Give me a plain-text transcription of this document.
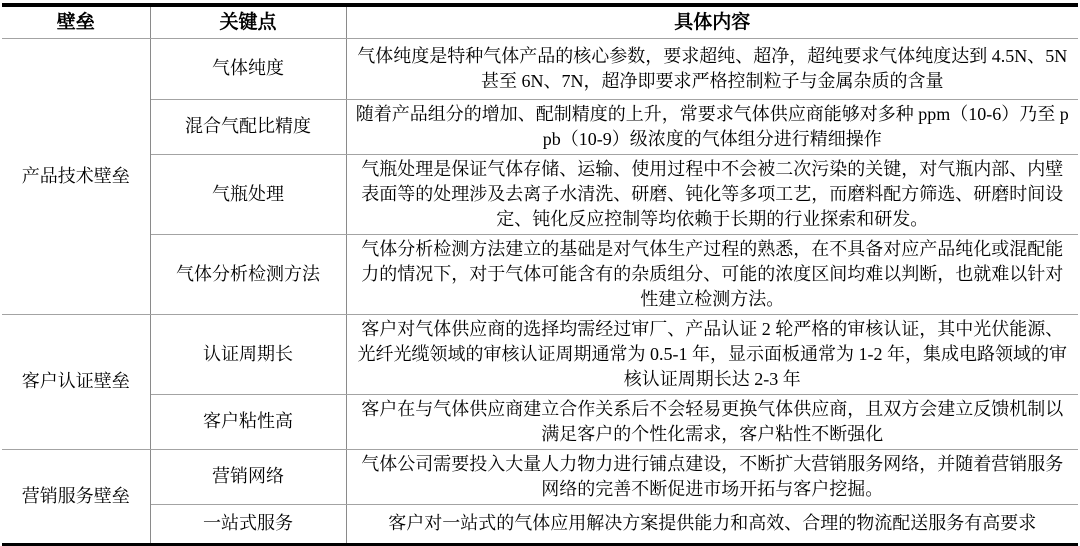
壁垒	关键点	具体内容
产品技术壁垒	气体纯度	气体纯度是特种气体产品的核心参数，要求超纯、超净，超纯要求气体纯度达到 4.5N、5N 甚至 6N、7N，超净即要求严格控制粒子与金属杂质的含量
	混合气配比精度	随着产品组分的增加、配制精度的上升，常要求气体供应商能够对多种 ppm（10-6）乃至 ppb（10-9）级浓度的气体组分进行精细操作
	气瓶处理	气瓶处理是保证气体存储、运输、使用过程中不会被二次污染的关键，对气瓶内部、内壁表面等的处理涉及去离子水清洗、研磨、钝化等多项工艺，而磨料配方筛选、研磨时间设定、钝化反应控制等均依赖于长期的行业探索和研发。
	气体分析检测方法	气体分析检测方法建立的基础是对气体生产过程的熟悉，在不具备对应产品纯化或混配能力的情况下，对于气体可能含有的杂质组分、可能的浓度区间均难以判断，也就难以针对性建立检测方法。
客户认证壁垒	认证周期长	客户对气体供应商的选择均需经过审厂、产品认证 2 轮严格的审核认证，其中光伏能源、光纤光缆领域的审核认证周期通常为 0.5-1 年，显示面板通常为 1-2 年，集成电路领域的审核认证周期长达 2-3 年
	客户粘性高	客户在与气体供应商建立合作关系后不会轻易更换气体供应商，且双方会建立反馈机制以满足客户的个性化需求，客户粘性不断强化
营销服务壁垒	营销网络	气体公司需要投入大量人力物力进行铺点建设，不断扩大营销服务网络，并随着营销服务网络的完善不断促进市场开拓与客户挖掘。
	一站式服务	客户对一站式的气体应用解决方案提供能力和高效、合理的物流配送服务有高要求
